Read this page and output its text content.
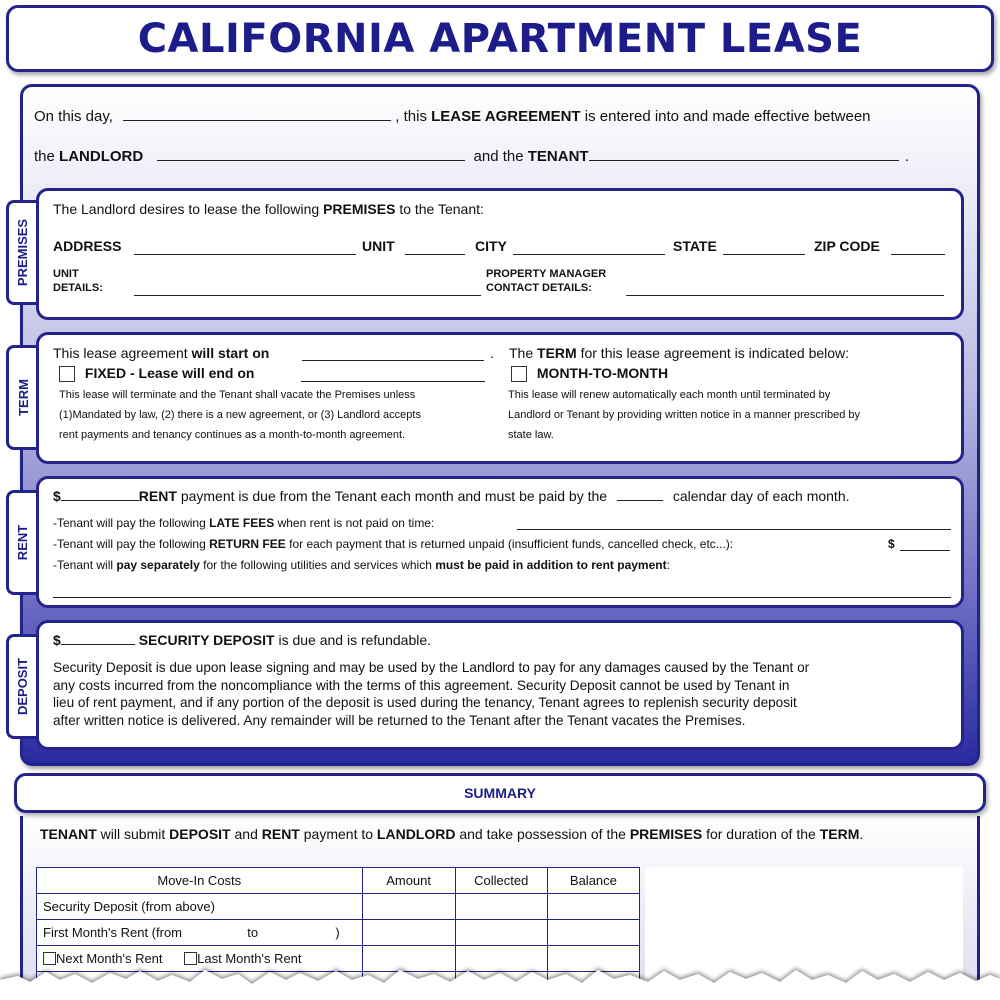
CALIFORNIA APARTMENT LEASE
On this day,	, this LEASE AGREEMENT is entered into and made effective between
the LANDLORD	and the TENANT	.
PREMISES
The Landlord desires to lease the following PREMISES to the Tenant:
ADDRESS	UNIT	CITY	STATE	ZIP CODE
UNIT
DETAILS:
PROPERTY MANAGER
CONTACT DETAILS:
TERM
This lease agreement will start on	. The TERM for this lease agreement is indicated below:
FIXED - Lease will end on
This lease will terminate and the Tenant shall vacate the Premises unless
(1)Mandated by law, (2) there is a new agreement, or (3) Landlord accepts
rent payments and tenancy continues as a month-to-month agreement.
MONTH-TO-MONTH
This lease will renew automatically each month until terminated by
Landlord or Tenant by providing written notice in a manner prescribed by
state law.
RENT
$	RENT payment is due from the Tenant each month and must be paid by the	calendar day of each month.
-Tenant will pay the following LATE FEES when rent is not paid on time:
-Tenant will pay the following RETURN FEE for each payment that is returned unpaid (insufficient funds, cancelled check, etc...):	$
-Tenant will pay separately for the following utilities and services which must be paid in addition to rent payment:
DEPOSIT
$	SECURITY DEPOSIT is due and is refundable.
Security Deposit is due upon lease signing and may be used by the Landlord to pay for any damages caused by the Tenant or
any costs incurred from the noncompliance with the terms of this agreement. Security Deposit cannot be used by Tenant in
lieu of rent payment, and if any portion of the deposit is used during the tenancy, Tenant agrees to replenish security deposit
after written notice is delivered. Any remainder will be returned to the Tenant after the Tenant vacates the Premises.
SUMMARY
TENANT will submit DEPOSIT and RENT payment to LANDLORD and take possession of the PREMISES for duration of the TERM.
Move-In Costs	Amount	Collected	Balance
Security Deposit (from above)			
First Month's Rent (from to )			
Next Month's Rent Last Month's Rent			
